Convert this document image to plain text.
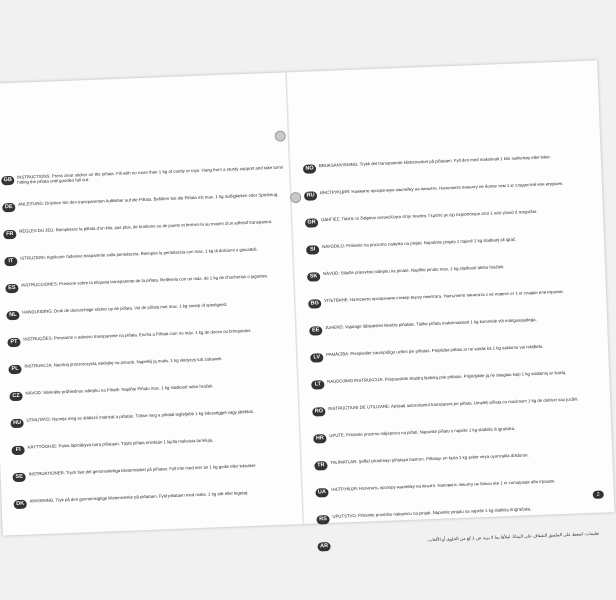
GB
INSTRUCTIONS: Press clear sticker on the piñata. Fill with no more than 1 kg of candy or toys. Hang from a sturdy support and take turns hitting the piñata until goodies fall out.
DE
ANLEITUNG: Drücken Sie den transparenten Aufkleber auf die Piñata. Befüllen Sie die Piñata mit max. 1 kg Süßigkeiten oder Spielzeug.
FR
RÈGLES DU JEU: Remplissez la piñata d'un kilo, pas plus, de bonbons ou de jouets et fermez-la au moyen d'un adhésif transparent.
IT
ISTRUZIONI: Applicare l'adesivo trasparente sulla pentolaccia. Riempire la pentolaccia con max. 1 kg di dolciumi o giocattoli.
ES
INSTRUCCIONES: Presione sobre la etiqueta transparente de la piñata. Rellénela con un máx. de 1 kg de chucherías o juguetes.
NL
HANDLEIDING: Druk de doorzichtige sticker op de piñata. Vul de piñata met max. 1 kg snoep of speelgoed.
PT
INSTRUÇÕES: Pressione o adesivo transparente na piñata. Encha a Piñata com no máx. 1 kg de doces ou brinquedos.
PL
INSTRUKCJA: Naciśnij przezroczystą naklejkę na pinacie. Napełnij ją maks. 1 kg słodyczy lub zabawek.
CZ
NÁVOD: Stiskněte průhlednou nálepku na Piňatě. Naplňte Piňatu max. 1 kg sladkostí nebo hraček.
HU
ÚTMUTATÓ: Nyomja meg az átlátszó matricát a piñatán. Töltse meg a piñatát legfeljebb 1 kg édességgel vagy játékkal.
FI
KÄYTTÖOHJE: Paina läpinäkyvä tarra piñataan. Täytä piñata enintään 1 kg:lla makeisia tai leluja.
SE
INSTRUKTIONER: Tryck fast det genomskinliga klistermärket på piñatan. Fyll inte med mer än 1 kg godis eller leksaker.
DK
ANVISNING: Tryk på den gennemsigtige klistermærke på piñataen. Fyld piñataen med maks. 1 kg slik eller legetøj.
NO
BRUKSANVISNING: Trykk det transparente klistremerket på piñataen. Fyll den med maksimalt 1 kilo sukkertøy eller leker.
RU
ИНСТРУКЦИЯ: Нажмите прозрачную наклейку на пиньяте. Наполните пиньяту не более чем 1 кг сладостей или игрушек.
GR
ΟΔΗΓΙΕΣ: Πιέστε το διάφανο αυτοκόλλητο στην πινιάτα. Γεμίστε με όχι περισσότερο από 1 κιλό γλυκά ή παιχνίδια.
SI
NAVODILO: Pritisnite na prozorno nalepko na pinjati. Napolnite pinjato z največ 1 kg sladkarij ali igrač.
SK
NÁVOD: Stlačte priesvitnú nálepku na pinate. Naplňte pinatu max. 1 kg sladkostí alebo hračiek.
BG
УПЪТВАНЕ: Натиснете прозрачния стикер върху пинятата. Напълнете пинятата с не повече от 1 кг сладки или играчки.
EE
JUHEND: Vajutage läbipaistev kleebis piñatale. Täitke piñata maksimaalselt 1 kg kommide või mänguasjadega.
LV
PAMĀCĪBA: Piespiediet caurspīdīgo uzlīmi pie piñatas. Piepildiet piñatu ar ne vairāk kā 1 kg saldumu vai rotaļlietu.
LT
NAUDOJIMO INSTRUKCIJA: Prispauskite skaidrų lipduką prie piñatos. Pripildykite ją ne daugiau kaip 1 kg saldainių ar žaislų.
RO
INSTRUCȚIUNI DE UTILIZARE: Apăsați autocolantul transparent pe piñata. Umpleți piñata cu maximum 1 kg de dulciuri sau jucării.
HR
UPUTE: Pritisnite prozirnu naljepnicu na piñati. Napunite piñatu s najviše 1 kg slatkiša ili igračaka.
TR
TALİMATLAR: Şeffaf çıkartmayı piñataya bastırın. Piñatayı en fazla 1 kg şeker veya oyuncakla doldurun.
UA
ІНСТРУКЦІЯ: Натисніть прозору наклейку на піньяті. Наповніть піньяту не більш ніж 1 кг солодощів або іграшок.
RS
UPUTSTVO: Pritisnite providnu nalepnicu na pinjati. Napunite pinjatu sa najviše 1 kg slatkiša ili igračaka.
AR
تعليمات: اضغط على الملصق الشفاف على البيناتا. املأها بما لا يزيد عن 1 كغ من الحلوى أو الألعاب.
2
